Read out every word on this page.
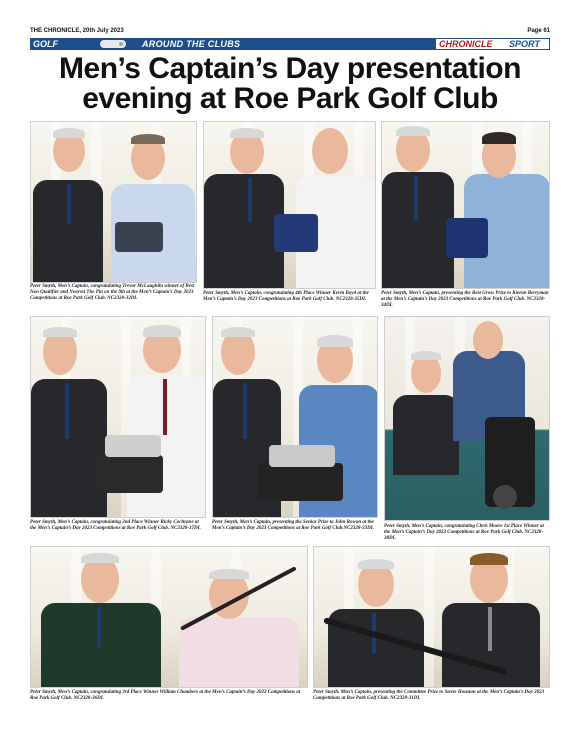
THE CHRONICLE, 20th July 2023	Page 61
GOLF	AROUND THE CLUBS	CHRONICLE SPORT
Men’s Captain’s Day presentation
evening at Roe Park Golf Club
Peter Smyth, Men’s Captain, congratulating Trevor McLaughlin winner of Best Non Qualifier and Nearest The Pin on the 9th at the Men’s Captain’s Day 2023 Competitions at Roe Park Golf Club. NC2328-32DL
Peter Smyth, Men’s Captain, congratulating 4th Place Winner Kevin Boyd at the Men’s Captain’s Day 2023 Competitions at Roe Park Golf Club. NC2328-35DL
Peter Smyth, Men’s Captain, presenting the Best Gross Prize to Kieran Berryman at the Men’s Captain’s Day 2023 Competitions at Roe Park Golf Club. NC2328-34DL
Peter Smyth, Men’s Captain, congratulating 2nd Place Winner Ricky Cochrane at the Men’s Captain’s Day 2023 Competitions at Roe Park Golf Club. NC2328-37DL
Peter Smyth, Men’s Captain, presenting the Senior Prize to John Rowan at the Men’s Captain’s Day 2023 Competitions at Roe Park Golf Club.NC2328-33DL	Peter Smyth, Men’s Captain, congratulating Chris Moore 1st Place Winner at the Men’s Captain’s Day 2023 Competitions at Roe Park Golf Club. NC2328-38DL
Peter Smyth, Men’s Captain, congratulating 3rd Place Winner William Chambers at the Men’s Captain’s Day 2023 Competitions at Roe Park Golf Club. NC2328-36DL
Peter Smyth, Men’s Captain, presenting the Committee Prize to Stevie Houston at the Men’s Captain’s Day 2023 Competitions at Roe Park Golf Club. NC2328-31DL
